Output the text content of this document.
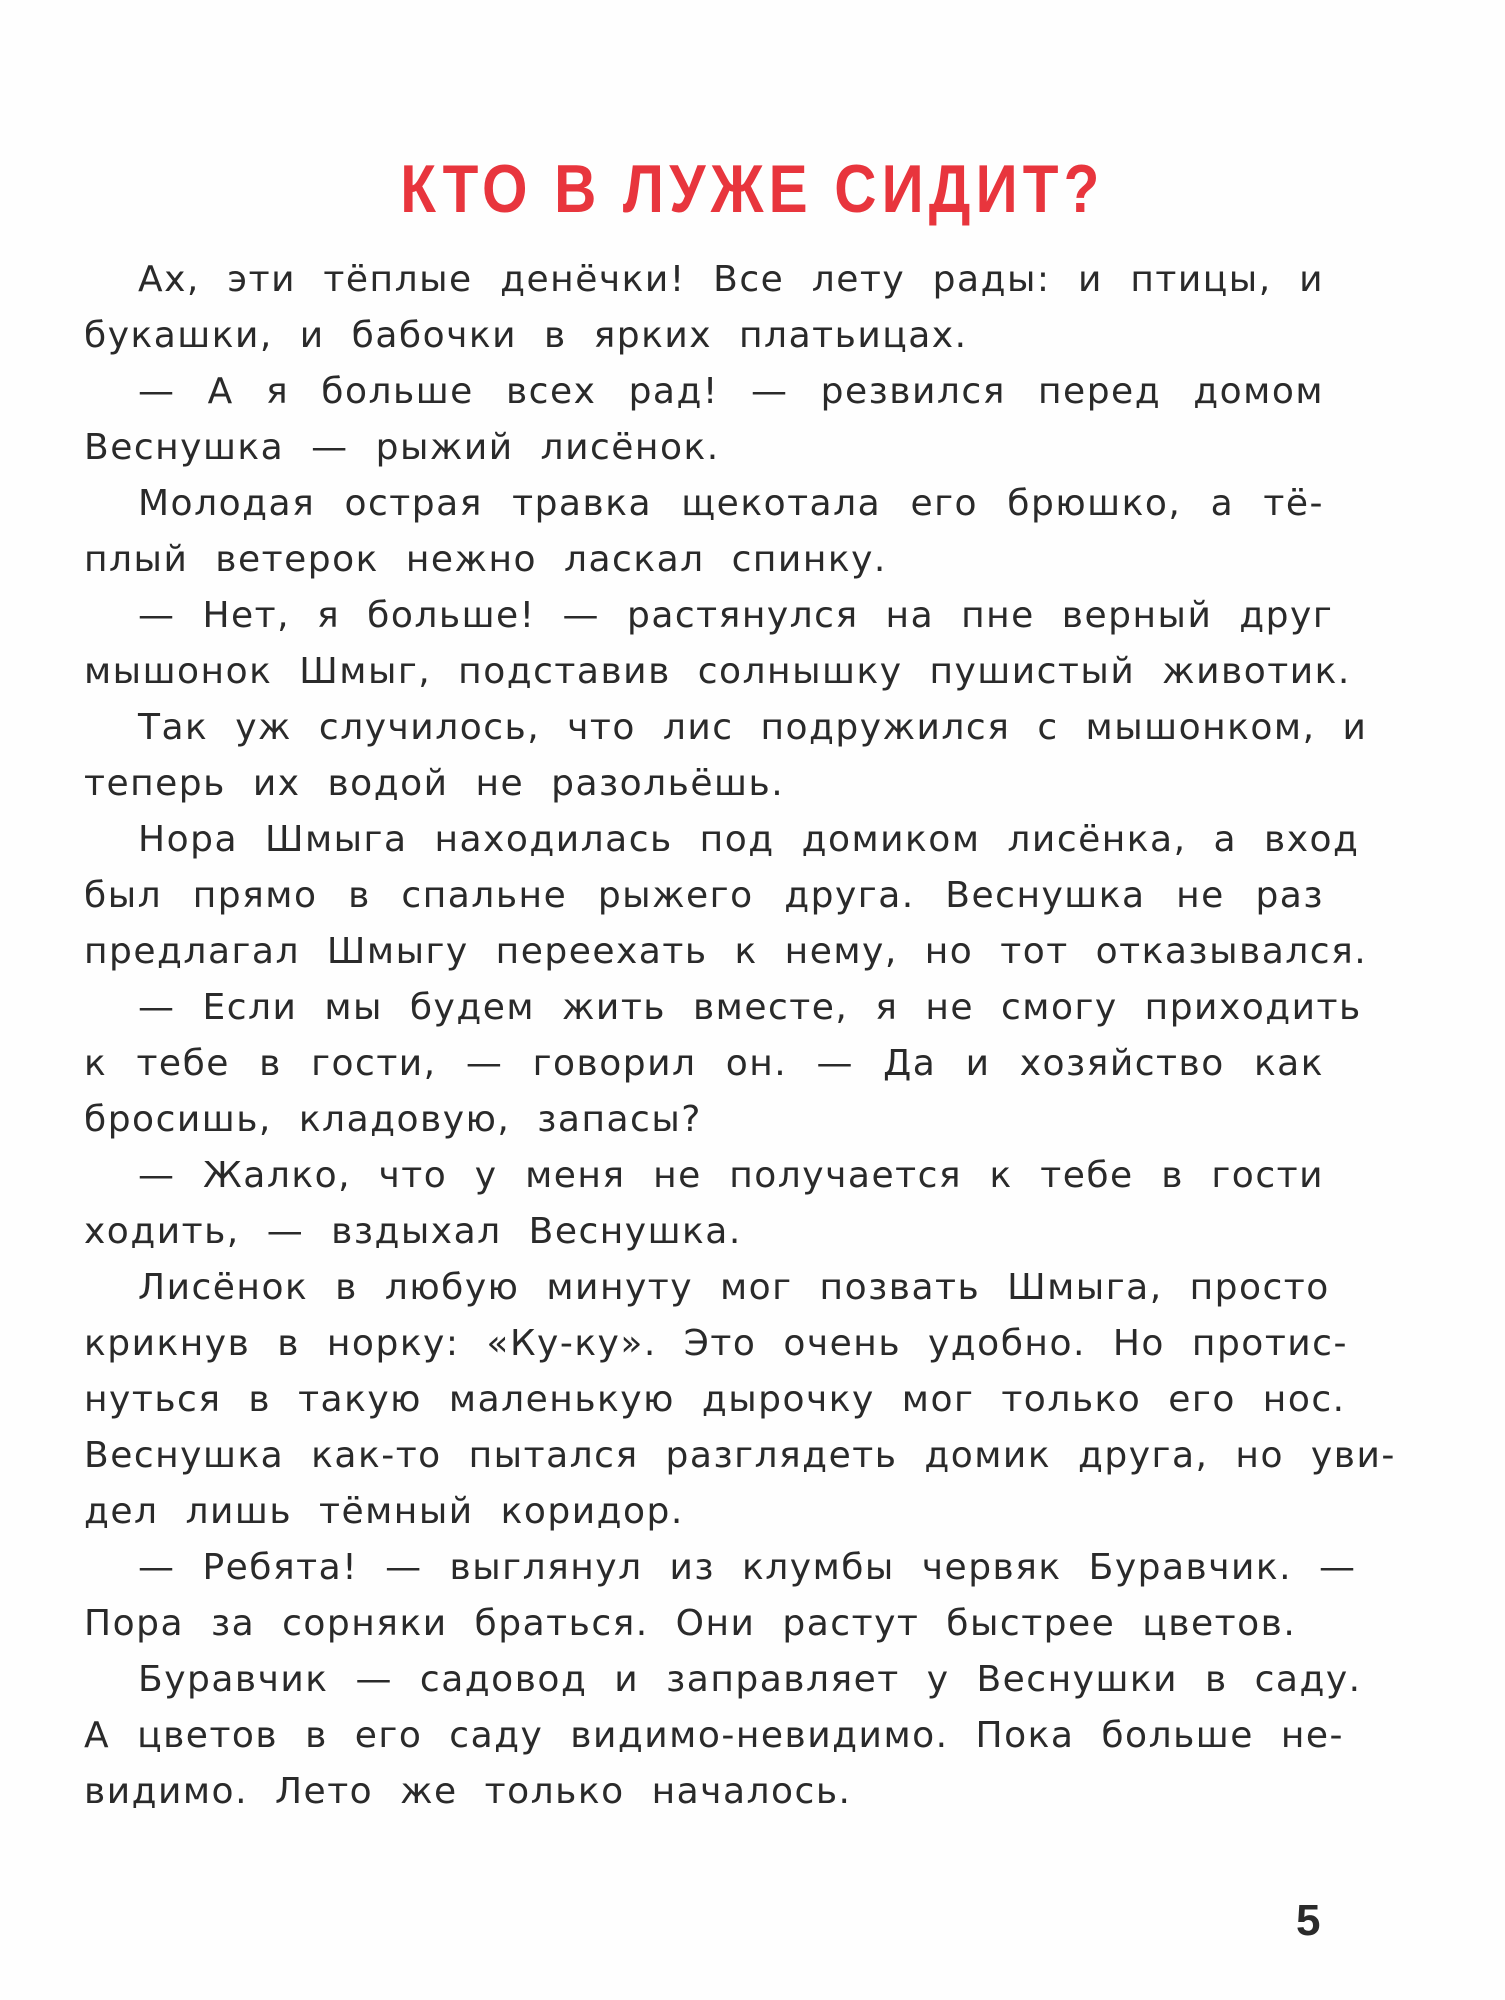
КТО В ЛУЖЕ СИДИТ?
Ах, эти тёплые денёчки! Все лету рады: и птицы, и
букашки, и бабочки в ярких платьицах.
— А я больше всех рад! — резвился перед домом
Веснушка — рыжий лисёнок.
Молодая острая травка щекотала его брюшко, а тё-
плый ветерок нежно ласкал спинку.
— Нет, я больше! — растянулся на пне верный друг
мышонок Шмыг, подставив солнышку пушистый животик.
Так уж случилось, что лис подружился с мышонком, и
теперь их водой не разольёшь.
Нора Шмыга находилась под домиком лисёнка, а вход
был прямо в спальне рыжего друга. Веснушка не раз
предлагал Шмыгу переехать к нему, но тот отказывался.
— Если мы будем жить вместе, я не смогу приходить
к тебе в гости, — говорил он. — Да и хозяйство как
бросишь, кладовую, запасы?
— Жалко, что у меня не получается к тебе в гости
ходить, — вздыхал Веснушка.
Лисёнок в любую минуту мог позвать Шмыга, просто
крикнув в норку: «Ку-ку». Это очень удобно. Но протис-
нуться в такую маленькую дырочку мог только его нос.
Веснушка как-то пытался разглядеть домик друга, но уви-
дел лишь тёмный коридор.
— Ребята! — выглянул из клумбы червяк Буравчик. —
Пора за сорняки браться. Они растут быстрее цветов.
Буравчик — садовод и заправляет у Веснушки в саду.
А цветов в его саду видимо-невидимо. Пока больше не-
видимо. Лето же только началось.
5
